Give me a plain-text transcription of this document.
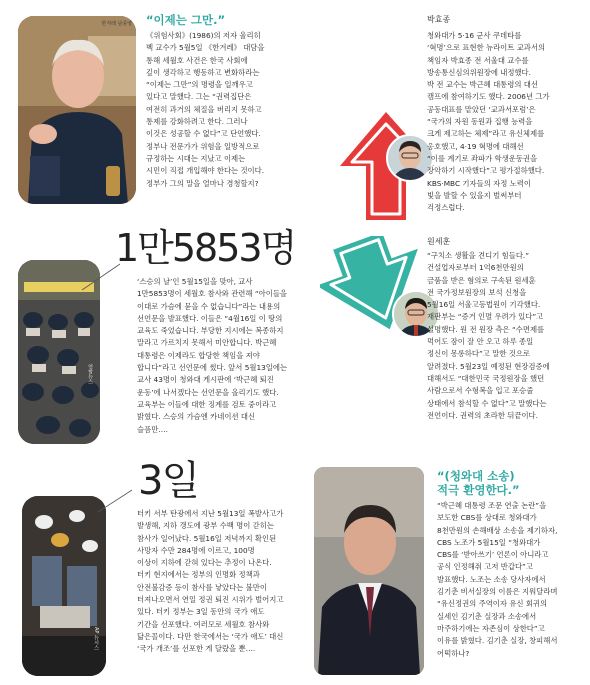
한겨레 남종영 “이제는 그만.”
《위험사회》(1986)의 저자 울리히
벡 교수가 5월5일 《한겨레》 대담을
통해 세월호 사건은 한국 사회에
깊이 생각하고 행동하고 변화하라는
“이제는 그만”의 명령을 일깨우고
있다고 말했다. 그는 “권력집단은
여전히 과거의 체질을 버리지 못하고
통제를 강화하려고 한다. 그러나
이것은 성공할 수 없다”고 단언했다.
정부나 전문가가 위험을 일방적으로
규정하는 시대는 지났고 이제는
시민이 직접 개입해야 한다는 것이다.
정부가 그의 말을 얼마나 경청할지?
1만5853명
연합뉴스
‘스승의 날’인 5월15일을 맞아, 교사
1만5853명이 세월호 참사와 관련해 “아이들을
이대로 가슴에 묻을 수 없습니다”라는 내용의
선언문을 발표했다. 이들은 “4월16일 이 땅의
교육도 죽었습니다. 부당한 지시에는 복종하지
말라고 가르치지 못해서 미안합니다. 박근혜
대통령은 이제라도 합당한 책임을 져야
합니다”라고 선언문에 썼다. 앞서 5월13일에는
교사 43명이 청와대 게시판에 ‘박근혜 퇴진
운동’에 나서겠다는 선언문을 올리기도 했다.
교육부는 이들에 대한 징계를 검토 중이라고
밝혔다. 스승의 가슴엔 카네이션 대신
슬픔만….
3일
AP 뉴시스
터키 서부 탄광에서 지난 5월13일 폭발사고가
발생해, 지하 갱도에 광부 수백 명이 갇히는
참사가 일어났다. 5월16일 저녁까지 확인된
사망자 수만 284명에 이르고, 100명
이상이 지하에 갇혀 있다는 추정이 나온다.
터키 현지에서는 정부의 인명화 정책과
안전불감증 등이 참사를 낳았다는 불만이
터져나오면서 연일 정권 퇴진 시위가 벌어지고
있다. 터키 정부는 3일 동안의 국가 애도
기간을 선포했다. 여러모로 세월호 참사와
닮은꼴이다. 다만 한국에서는 ‘국가 애도’ 대신
‘국가 개조’를 선포한 게 달랐을 뿐….
박효종
청와대가 5·16 군사 쿠데타를
‘혁명’으로 표현한 뉴라이트 교과서의
책임자 박효종 전 서울대 교수를
방송통신심의위원장에 내정했다.
박 전 교수는 박근혜 대통령의 대선
캠프에 참여하기도 했다. 2006년 그가
공동대표를 맡았던 ‘교과서포럼’은
“국가의 자원 동원과 집행 능력을
크게 제고하는 체제”라고 유신체제를
옹호했고, 4·19 혁명에 대해선
“이를 계기로 좌파가 학생운동권을
장악하기 시작했다”고 평가절하했다.
KBS·MBC 기자들의 자정 노력이
빛을 발할 수 있을지 벌써부터
걱정스럽다.
원세훈
“구치소 생활을 견디기 힘들다.”
건설업자로부터 1억6천만원의
금품을 받은 혐의로 구속된 원세훈
전 국가정보원장의 보석 신청을
5월16일 서울고등법원이 기각했다.
재판부는 “증거 인멸 우려가 있다”고
설명했다. 원 전 원장 측은 “수면제를
먹어도 잠이 잘 안 오고 하루 종일
정신이 몽롱하다”고 말한 것으로
알려졌다. 5월23일 예정된 현장검증에
대해서도 “대한민국 국정원장을 했던
사람으로서 수형복을 입고 포승줄
상태에서 참석할 수 없다”고 말했다는
전언이다. 권력의 초라한 뒤끝이다.
청와대사진기자단
“(청와대 소송)
적극 환영한다.”
“박근혜 대통령 조문 연출 논란”을
보도한 CBS를 상대로 청와대가
8천만원의 손해배상 소송을 제기하자,
CBS 노조가 5월15일 “청와대가
CBS를 ‘받아쓰기’ 언론이 아니라고
공식 인정해줘 고저 반갑다”고
발표했다. 노조는 소송 당사자에서
김기춘 비서실장의 이름은 지워달라며
“유신정권의 주역이자 유신 회귀의
실세인 김기춘 실장과 소송에서
마주하기에는 자존심이 상한다”고
이유를 밝혔다. 김기춘 실장, 창피해서
어떡하나?
